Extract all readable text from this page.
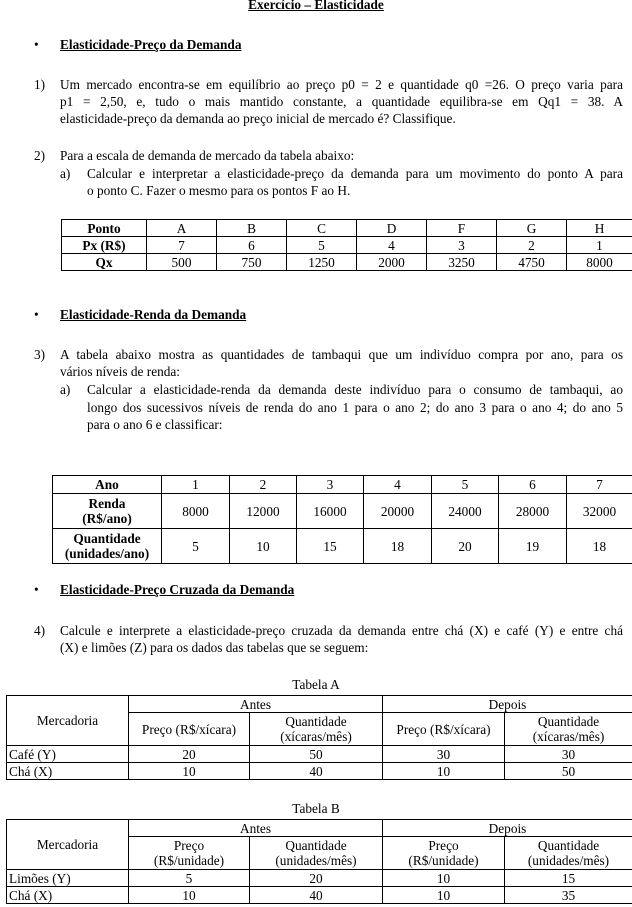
Exercício – Elasticidade
• Elasticidade-Preço da Demanda
1) Um mercado encontra-se em equilíbrio ao preço p0 = 2 e quantidade q0 =26. O preço varia para
p1 = 2,50, e, tudo o mais mantido constante, a quantidade equilibra-se em Qq1 = 38. A
elasticidade-preço da demanda ao preço inicial de mercado é? Classifique.
2) Para a escala de demanda de mercado da tabela abaixo:
a) Calcular e interpretar a elasticidade-preço da demanda para um movimento do ponto A para
o ponto C. Fazer o mesmo para os pontos F ao H.
Ponto	A	B	C	D	F	G	H
Px (R$)	7	6	5	4	3	2	1
Qx	500	750	1250	2000	3250	4750	8000
• Elasticidade-Renda da Demanda
3) A tabela abaixo mostra as quantidades de tambaqui que um indivíduo compra por ano, para os
vários níveis de renda:
a) Calcular a elasticidade-renda da demanda deste indivíduo para o consumo de tambaqui, ao
longo dos sucessivos níveis de renda do ano 1 para o ano 2; do ano 3 para o ano 4; do ano 5
para o ano 6 e classificar:
Ano	1	2	3	4	5	6	7
Renda
(R$/ano)	8000	12000	16000	20000	24000	28000	32000
Quantidade
(unidades/ano)	5	10	15	18	20	19	18
• Elasticidade-Preço Cruzada da Demanda
4) Calcule e interprete a elasticidade-preço cruzada da demanda entre chá (X) e café (Y) e entre chá
(X) e limões (Z) para os dados das tabelas que se seguem:
Tabela A
Mercadoria	Antes		Depois	
	Preço (R$/xícara)	Quantidade
(xícaras/mês)	Preço (R$/xícara)	Quantidade
(xícaras/mês)
Café (Y)	20	50	30	30
Chá (X)	10	40	10	50
Tabela B
Mercadoria	Antes		Depois	
	Preço
(R$/unidade)	Quantidade
(unidades/mês)	Preço
(R$/unidade)	Quantidade
(unidades/mês)
Limões (Y)	5	20	10	15
Chá (X)	10	40	10	35
